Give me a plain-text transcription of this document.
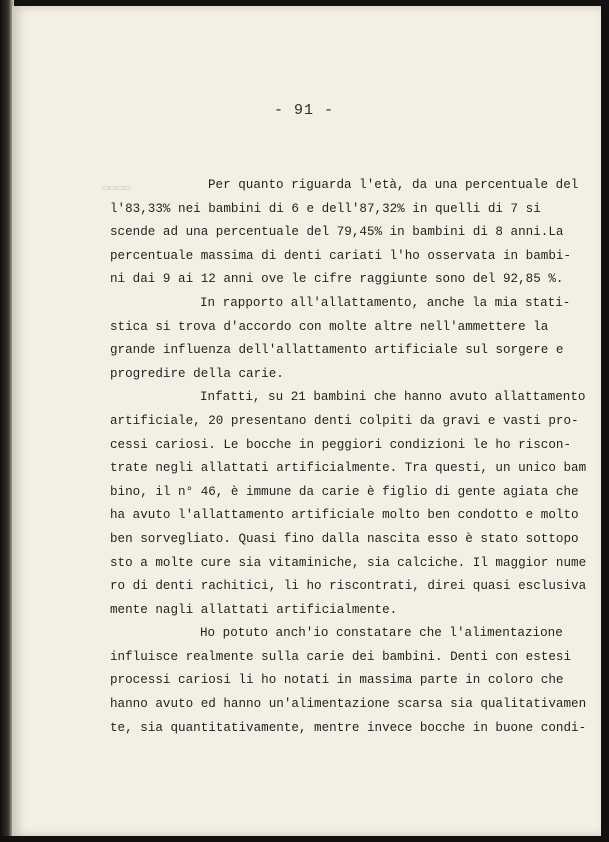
- 91 -
▭▭▭▭	Per quanto riguarda l'età, da una percentuale del
l'83,33% nei bambini di 6 e dell'87,32% in quelli di 7 si
scende ad una percentuale del 79,45% in bambini di 8 anni.La
percentuale massima di denti cariati l'ho osservata in bambi-
ni dai 9 ai 12 anni ove le cifre raggiunte sono del 92,85 %.
In rapporto all'allattamento, anche la mia stati-
stica si trova d'accordo con molte altre nell'ammettere la
grande influenza dell'allattamento artificiale sul sorgere e
progredire della carie.
Infatti, su 21 bambini che hanno avuto allattamento
artificiale, 20 presentano denti colpiti da gravi e vasti pro-
cessi cariosi. Le bocche in peggiori condizioni le ho riscon-
trate negli allattati artificialmente. Tra questi, un unico bam
bino, il n° 46, è immune da carie è figlio di gente agiata che
ha avuto l'allattamento artificiale molto ben condotto e molto
ben sorvegliato. Quasi fino dalla nascita esso è stato sottopo
sto a molte cure sia vitaminiche, sia calciche. Il maggior nume
ro di denti rachitici, li ho riscontrati, direi quasi esclusiva
mente nagli allattati artificialmente.
Ho potuto anch'io constatare che l'alimentazione
influisce realmente sulla carie dei bambini. Denti con estesi
processi cariosi li ho notati in massima parte in coloro che
hanno avuto ed hanno un'alimentazione scarsa sia qualitativamen
te, sia quantitativamente, mentre invece bocche in buone condi-
